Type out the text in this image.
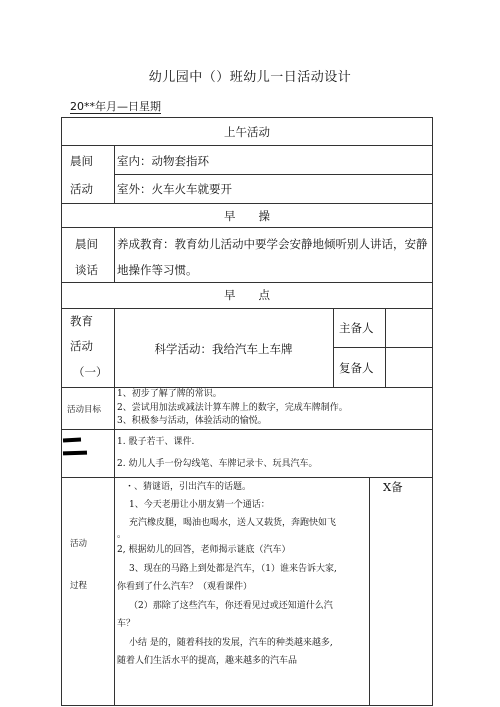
幼儿园中（）班幼儿一日活动设计
20**年月—日星期
上午活动
晨间
活动
室内：动物套指环
室外：火车火车就要开
早　　操
晨间
谈话
养成教育：教育幼儿活动中要学会安静地倾听别人讲话，安静
地操作等习惯。
早　　点
教育
活动
（一）
科学活动：我给汽车上车牌
主备人
复备人
活动目标
1、初步了解了牌的常识。
2、尝试用加法或减法计算车牌上的数字，完成车牌制作。
3、积极参与活动，体验活动的愉悦。
1. 骰子若干、课件.
2. 幼儿人手一份勾线笔、车牌记录卡、玩具汽车。
活动
过程
X备
・、猜谜语，引出汽车的话题。
1、今天老册让小朋友猜一个通话：
充汽橡皮腿，喝油也喝水，送人又载货，奔跑快如飞
。
2, 根据幼儿的回答，老师揭示谜底（汽车）
3、现在的马路上到处都是汽车，（1）谁来告诉大家,
你看到了什么汽车？（观看课件）
（2）那除了这些汽车，你还看见过或还知道什么汽
车？
小结 是的，随着科技的发展，汽车的种类越来越多,
随着人们生活水平的提高，趣来越多的汽车品
